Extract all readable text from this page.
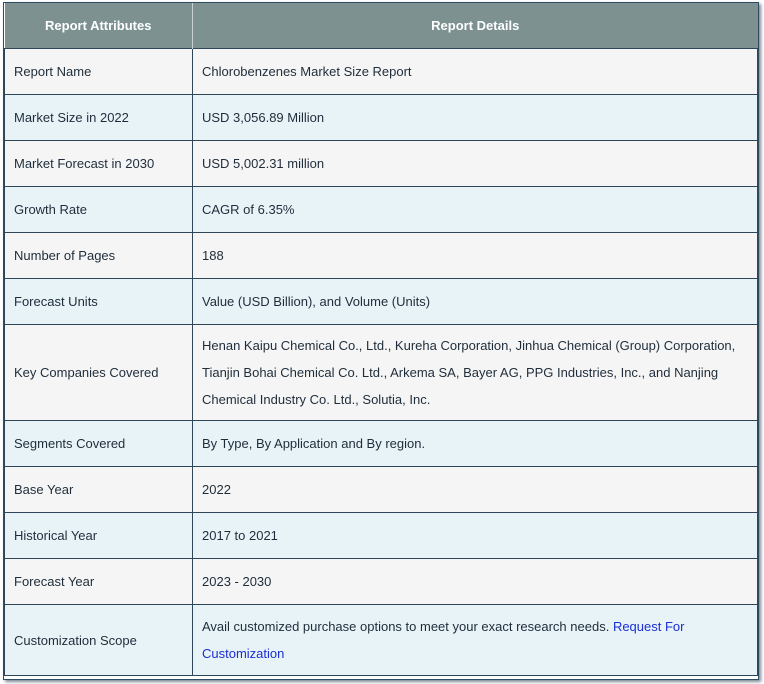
Report Attributes	Report Details
Report Name	Chlorobenzenes Market Size Report
Market Size in 2022	USD 3,056.89 Million
Market Forecast in 2030	USD 5,002.31 million
Growth Rate	CAGR of 6.35%
Number of Pages	188
Forecast Units	Value (USD Billion), and Volume (Units)
Key Companies Covered	Henan Kaipu Chemical Co., Ltd., Kureha Corporation, Jinhua Chemical (Group) Corporation, Tianjin Bohai Chemical Co. Ltd., Arkema SA, Bayer AG, PPG Industries, Inc., and Nanjing Chemical Industry Co. Ltd., Solutia, Inc.
Segments Covered	By Type, By Application and By region.
Base Year	2022
Historical Year	2017 to 2021
Forecast Year	2023 - 2030
Customization Scope	Avail customized purchase options to meet your exact research needs. Request For Customization
